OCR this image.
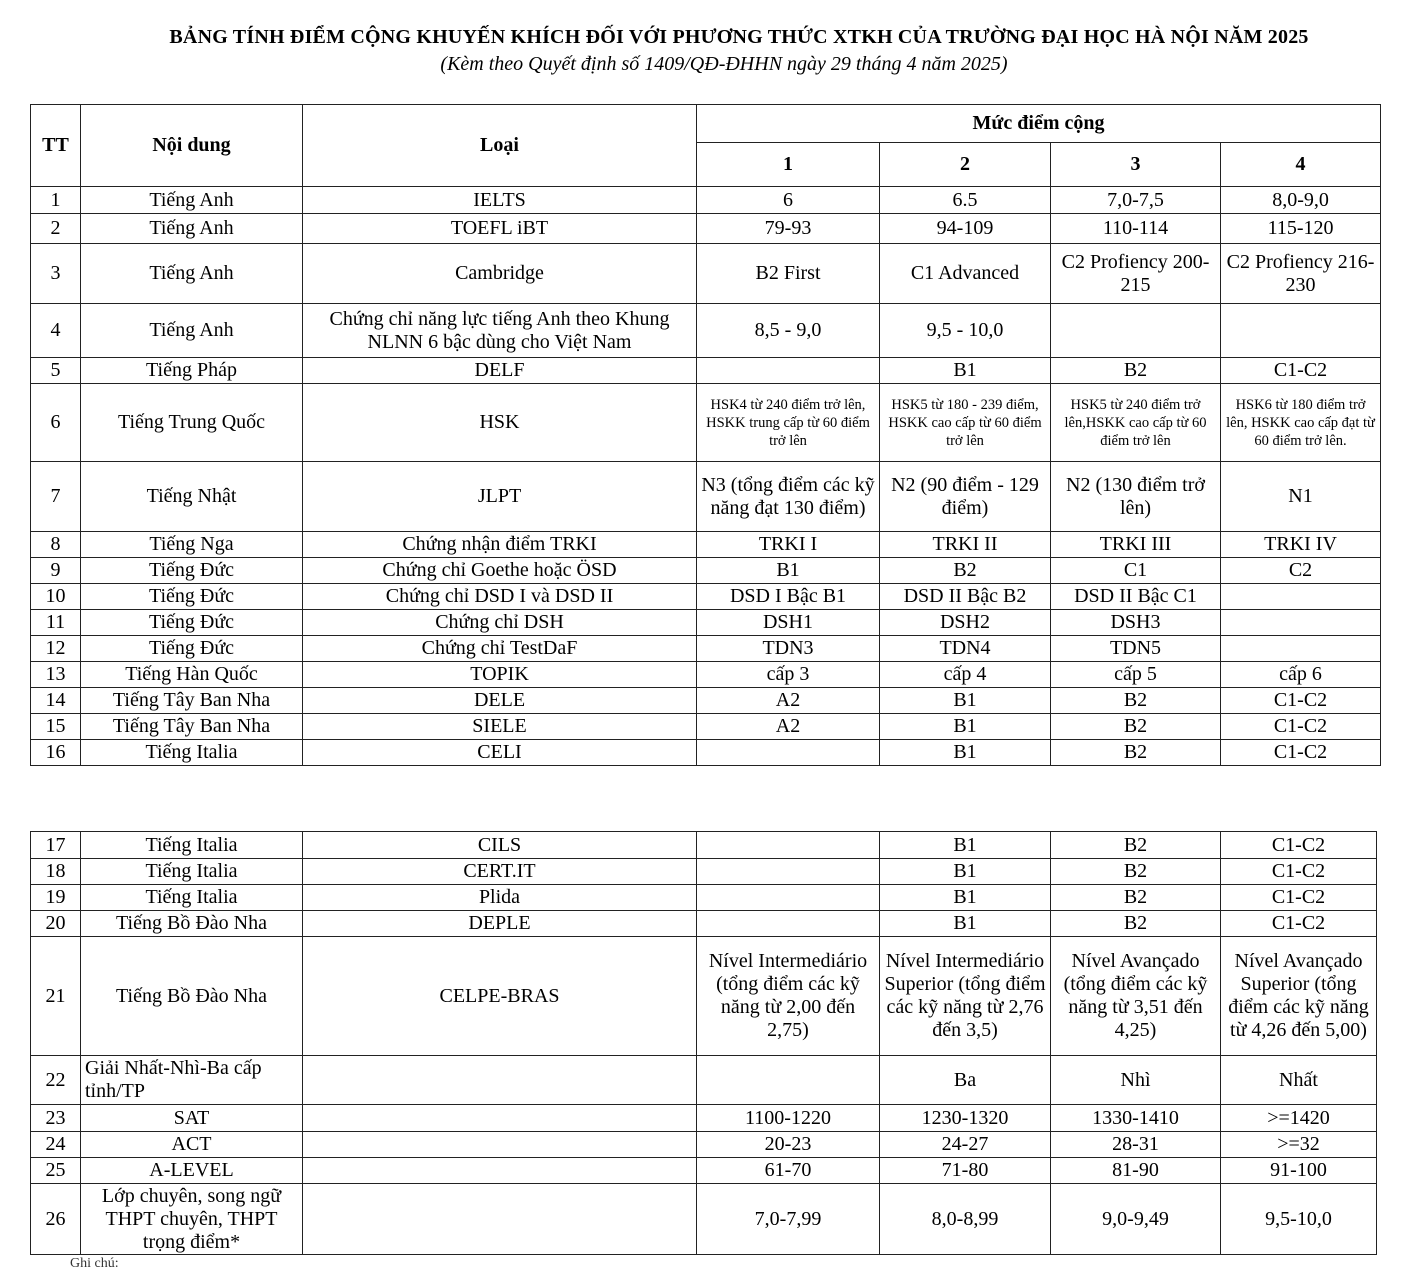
BẢNG TÍNH ĐIỂM CỘNG KHUYẾN KHÍCH ĐỐI VỚI PHƯƠNG THỨC XTKH CỦA TRƯỜNG ĐẠI HỌC HÀ NỘI NĂM 2025
(Kèm theo Quyết định số 1409/QĐ-ĐHHN ngày 29 tháng 4 năm 2025)
TT	Nội dung	Loại	Mức điểm cộng			
			1	2	3	4
1	Tiếng Anh	IELTS	6	6.5	7,0-7,5	8,0-9,0
2	Tiếng Anh	TOEFL iBT	79-93	94-109	110-114	115-120
3	Tiếng Anh	Cambridge	B2 First	C1 Advanced	C2 Profiency 200-215	C2 Profiency 216-230
4	Tiếng Anh	Chứng chỉ năng lực tiếng Anh theo Khung NLNN 6 bậc dùng cho Việt Nam	8,5 - 9,0	9,5 - 10,0		
5	Tiếng Pháp	DELF		B1	B2	C1-C2
6	Tiếng Trung Quốc	HSK	HSK4 từ 240 điểm trở lên, HSKK trung cấp từ 60 điểm trở lên	HSK5 từ 180 - 239 điểm, HSKK cao cấp từ 60 điểm trở lên	HSK5 từ 240 điểm trở lên,HSKK cao cấp từ 60 điểm trở lên	HSK6 từ 180 điểm trở lên, HSKK cao cấp đạt từ 60 điểm trở lên.
7	Tiếng Nhật	JLPT	N3 (tổng điểm các kỹ năng đạt 130 điểm)	N2 (90 điểm - 129 điểm)	N2 (130 điểm trở lên)	N1
8	Tiếng Nga	Chứng nhận điểm TRKI	TRKI I	TRKI II	TRKI III	TRKI IV
9	Tiếng Đức	Chứng chỉ Goethe hoặc ÖSD	B1	B2	C1	C2
10	Tiếng Đức	Chứng chỉ DSD I và DSD II	DSD I Bậc B1	DSD II Bậc B2	DSD II Bậc C1	
11	Tiếng Đức	Chứng chỉ DSH	DSH1	DSH2	DSH3	
12	Tiếng Đức	Chứng chỉ TestDaF	TDN3	TDN4	TDN5	
13	Tiếng Hàn Quốc	TOPIK	cấp 3	cấp 4	cấp 5	cấp 6
14	Tiếng Tây Ban Nha	DELE	A2	B1	B2	C1-C2
15	Tiếng Tây Ban Nha	SIELE	A2	B1	B2	C1-C2
16	Tiếng Italia	CELI		B1	B2	C1-C2
17	Tiếng Italia	CILS		B1	B2	C1-C2
18	Tiếng Italia	CERT.IT		B1	B2	C1-C2
19	Tiếng Italia	Plida		B1	B2	C1-C2
20	Tiếng Bồ Đào Nha	DEPLE		B1	B2	C1-C2
21	Tiếng Bồ Đào Nha	CELPE-BRAS	Nível Intermediário (tổng điểm các kỹ năng từ 2,00 đến 2,75)	Nível Intermediário Superior (tổng điểm các kỹ năng từ 2,76 đến 3,5)	Nível Avançado (tổng điểm các kỹ năng từ 3,51 đến 4,25)	Nível Avançado Superior (tổng điểm các kỹ năng từ 4,26 đến 5,00)
22	Giải Nhất-Nhì-Ba cấp tỉnh/TP			Ba	Nhì	Nhất
23	SAT		1100-1220	1230-1320	1330-1410	>=1420
24	ACT		20-23	24-27	28-31	>=32
25	A-LEVEL		61-70	71-80	81-90	91-100
26	Lớp chuyên, song ngữ THPT chuyên, THPT trọng điểm*		7,0-7,99	8,0-8,99	9,0-9,49	9,5-10,0
Ghi chú:
